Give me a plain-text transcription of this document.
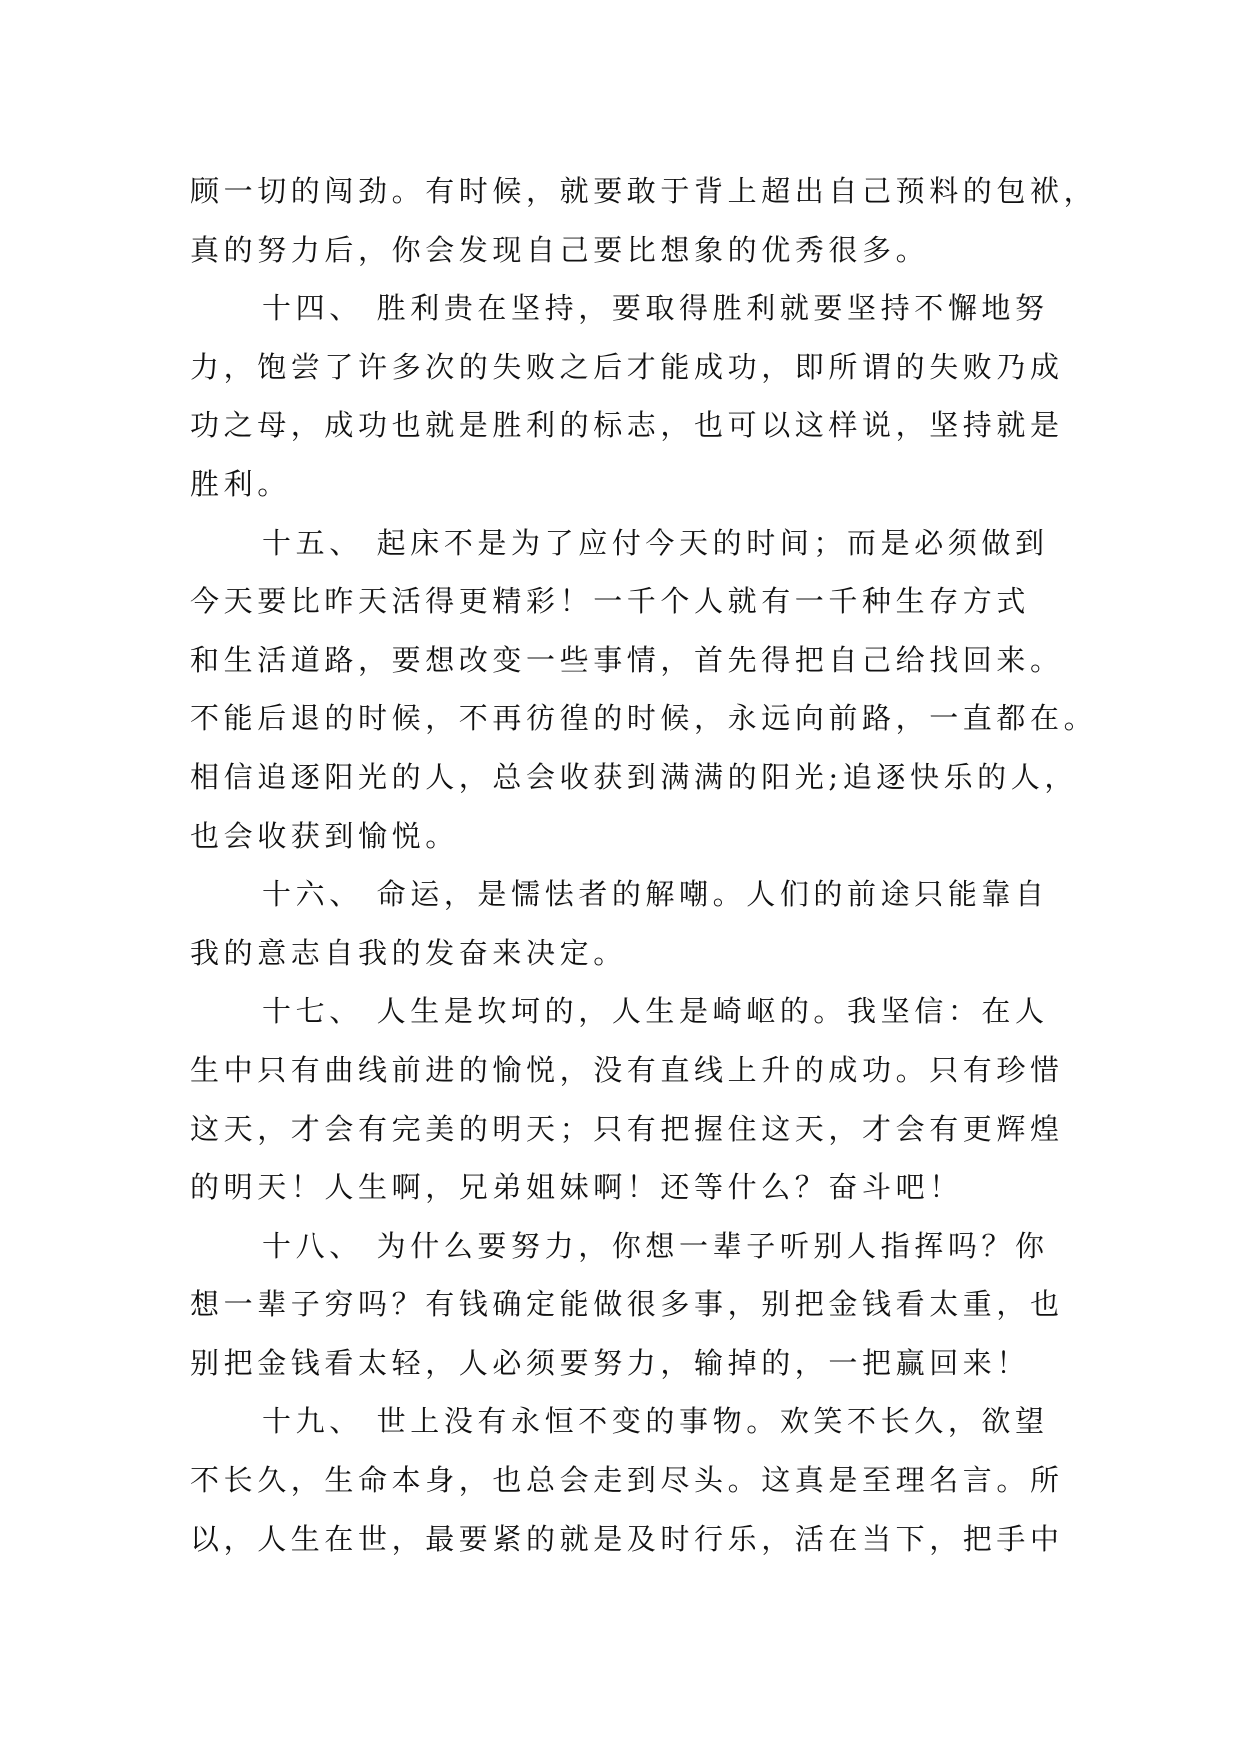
顾一切的闯劲。有时候，就要敢于背上超出自己预料的包袱，
真的努力后，你会发现自己要比想象的优秀很多。
十四、 胜利贵在坚持，要取得胜利就要坚持不懈地努
力，饱尝了许多次的失败之后才能成功，即所谓的失败乃成
功之母，成功也就是胜利的标志，也可以这样说，坚持就是
胜利。
十五、 起床不是为了应付今天的时间；而是必须做到
今天要比昨天活得更精彩！一千个人就有一千种生存方式
和生活道路，要想改变一些事情，首先得把自己给找回来。
不能后退的时候，不再彷徨的时候，永远向前路，一直都在。
相信追逐阳光的人，总会收获到满满的阳光;追逐快乐的人，
也会收获到愉悦。
十六、 命运，是懦怯者的解嘲。人们的前途只能靠自
我的意志自我的发奋来决定。
十七、 人生是坎坷的，人生是崎岖的。我坚信：在人
生中只有曲线前进的愉悦，没有直线上升的成功。只有珍惜
这天，才会有完美的明天；只有把握住这天，才会有更辉煌
的明天！人生啊，兄弟姐妹啊！还等什么？奋斗吧！
十八、 为什么要努力，你想一辈子听别人指挥吗？你
想一辈子穷吗？有钱确定能做很多事，别把金钱看太重，也
别把金钱看太轻，人必须要努力，输掉的，一把赢回来！
十九、 世上没有永恒不变的事物。欢笑不长久，欲望
不长久，生命本身，也总会走到尽头。这真是至理名言。所
以，人生在世，最要紧的就是及时行乐，活在当下，把手中
